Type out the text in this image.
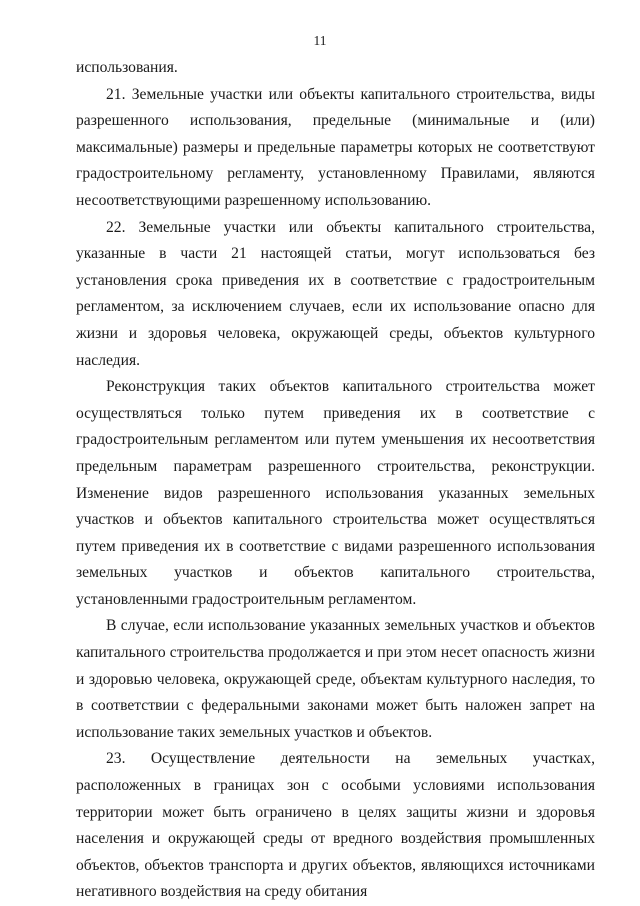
11

использования.

21. Земельные участки или объекты капитального строительства, виды разрешенного использования, предельные (минимальные и (или) максимальные) размеры и предельные параметры которых не соответствуют градостроительному регламенту, установленному Правилами, являются несоответствующими разрешенному использованию.

22. Земельные участки или объекты капитального строительства, указанные в части 21 настоящей статьи, могут использоваться без установления срока приведения их в соответствие с градостроительным регламентом, за исключением случаев, если их использование опасно для жизни и здоровья человека, окружающей среды, объектов культурного наследия.

Реконструкция таких объектов капитального строительства может осуществляться только путем приведения их в соответствие с градостроительным регламентом или путем уменьшения их несоответствия предельным параметрам разрешенного строительства, реконструкции. Изменение видов разрешенного использования указанных земельных участков и объектов капитального строительства может осуществляться путем приведения их в соответствие с видами разрешенного использования земельных участков и объектов капитального строительства, установленными градостроительным регламентом.

В случае, если использование указанных земельных участков и объектов капитального строительства продолжается и при этом несет опасность жизни и здоровью человека, окружающей среде, объектам культурного наследия, то в соответствии с федеральными законами может быть наложен запрет на использование таких земельных участков и объектов.

23. Осуществление деятельности на земельных участках, расположенных в границах зон с особыми условиями использования территории может быть ограничено в целях защиты жизни и здоровья населения и окружающей среды от вредного воздействия промышленных объектов, объектов транспорта и других объектов, являющихся источниками негативного воздействия на среду обитания
